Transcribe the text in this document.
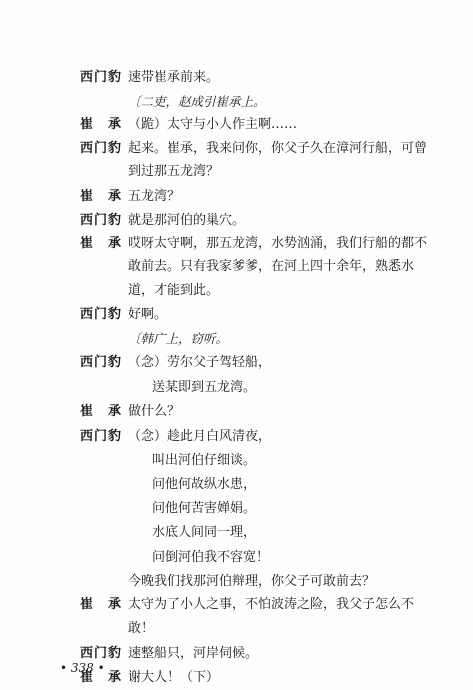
西门豹 速带崔承前来。
〔二吏，赵成引崔承上。
崔　承 （跪）太守与小人作主啊……
西门豹 起来。崔承，我来问你，你父子久在漳河行船，可曾
到过那五龙湾？
崔　承 五龙湾？
西门豹 就是那河伯的巢穴。
崔　承 哎呀太守啊，那五龙湾，水势汹涌，我们行船的都不
敢前去。只有我家爹爹，在河上四十余年，熟悉水
道，才能到此。
西门豹 好啊。
〔韩广上，窃听。
西门豹 （念）劳尔父子驾轻船，
送某即到五龙湾。
崔　承 做什么？
西门豹 （念）趁此月白风清夜，
叫出河伯仔细谈。
问他何故纵水患，
问他何苦害婵娟。
水底人间同一理，
问倒河伯我不容宽！
今晚我们找那河伯辩理，你父子可敢前去？
崔　承 太守为了小人之事，不怕波涛之险，我父子怎么不
敢！
西门豹 速整船只，河岸伺候。
崔　承 谢大人！（下）
• 338 •
